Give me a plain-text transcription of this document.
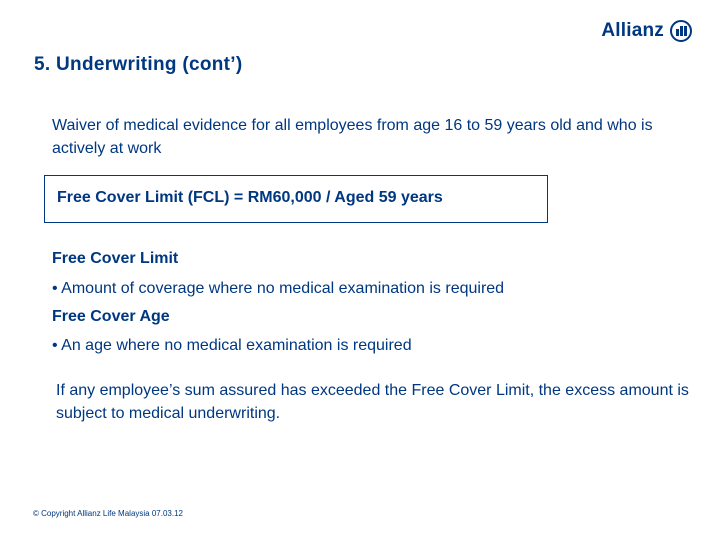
Allianz
5. Underwriting (cont’)
Waiver of medical evidence for all employees from age 16 to 59 years old and who is actively at work
Free Cover Limit (FCL) = RM60,000 / Aged 59 years
Free Cover Limit
• Amount of coverage where no medical examination is required
Free Cover Age
• An age where no medical examination is required
If any employee’s sum assured has exceeded the Free Cover Limit, the excess amount is subject to medical underwriting.
© Copyright Allianz Life Malaysia 07.03.12
